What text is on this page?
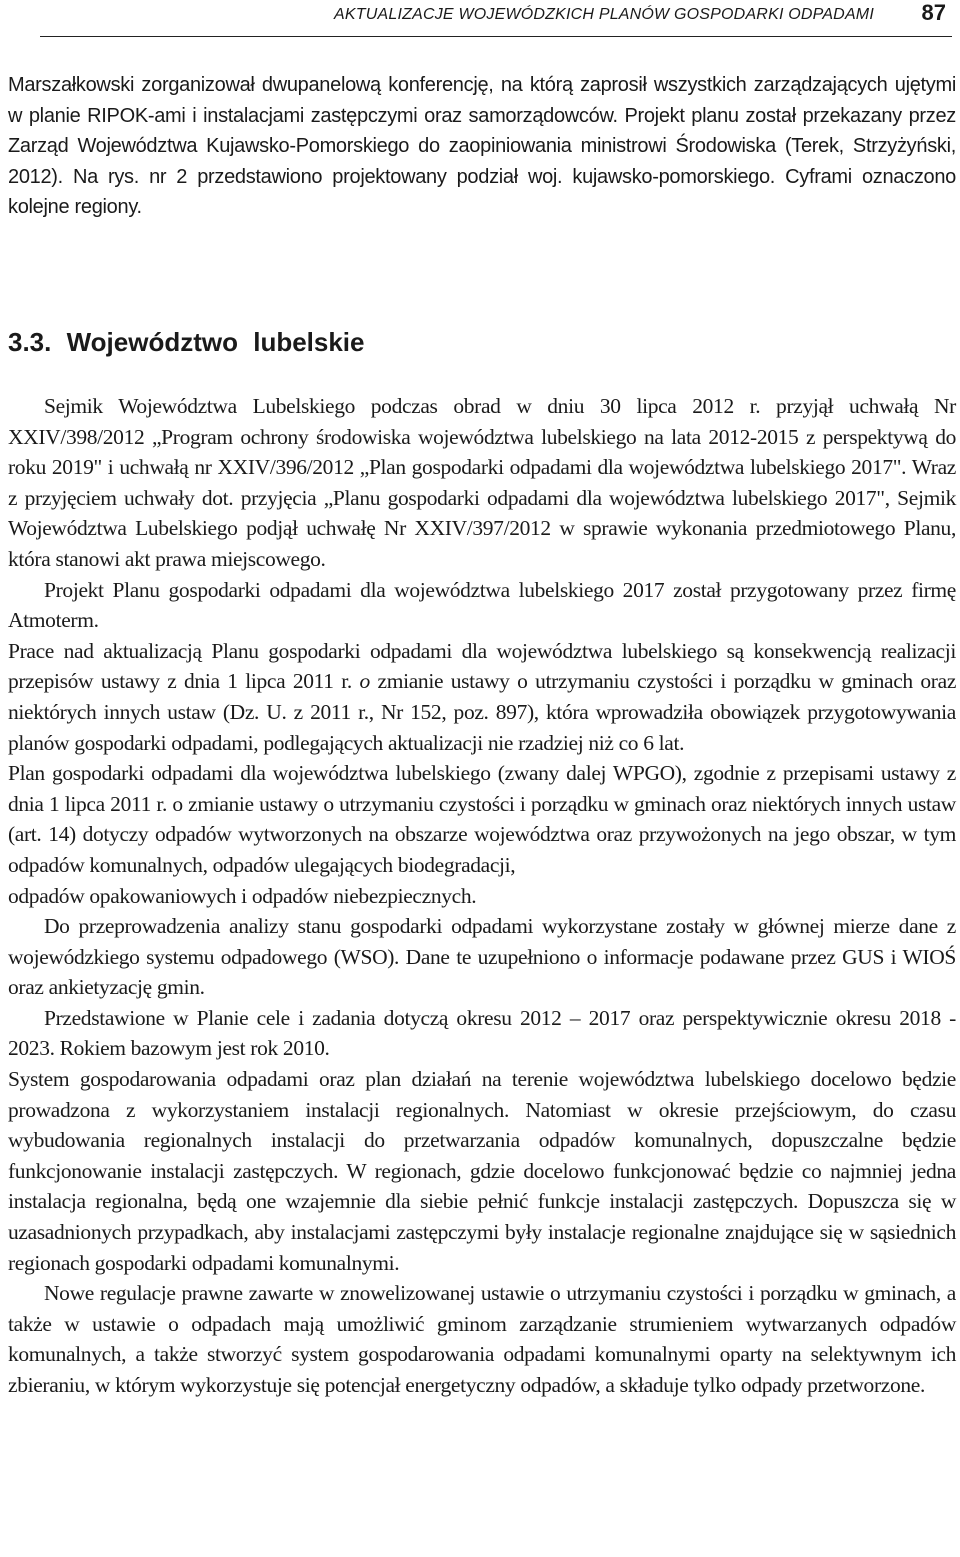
AKTUALIZACJE WOJEWÓDZKICH PLANÓW GOSPODARKI ODPADAMI 87

Marszałkowski zorganizował dwupanelową konferencję, na którą zaprosił wszystkich zarządzających ujętymi w planie RIPOK-ami i instalacjami zastępczymi oraz samorządowców. Projekt planu został przekazany przez Zarząd Województwa Kujawsko-Pomorskiego do zaopiniowania ministrowi Środowiska (Terek, Strzyżyński, 2012). Na rys. nr 2 przedstawiono projektowany podział woj. kujawsko-pomorskiego. Cyframi oznaczono kolejne regiony.

3.3. Województwo lubelskie

Sejmik Województwa Lubelskiego podczas obrad w dniu 30 lipca 2012 r. przyjął uchwałą Nr XXIV/398/2012 „Program ochrony środowiska województwa lubelskiego na lata 2012-2015 z perspektywą do roku 2019" i uchwałą nr XXIV/396/2012 „Plan gospodarki odpadami dla województwa lubelskiego 2017". Wraz z przyjęciem uchwały dot. przyjęcia „Planu gospodarki odpadami dla województwa lubelskiego 2017", Sejmik Województwa Lubelskiego podjął uchwałę Nr XXIV/397/2012 w sprawie wykonania przedmiotowego Planu, która stanowi akt prawa miejscowego.

Projekt Planu gospodarki odpadami dla województwa lubelskiego 2017 został przygotowany przez firmę Atmoterm.

Prace nad aktualizacją Planu gospodarki odpadami dla województwa lubelskiego są konsekwencją realizacji przepisów ustawy z dnia 1 lipca 2011 r. o zmianie ustawy o utrzymaniu czystości i porządku w gminach oraz niektórych innych ustaw (Dz. U. z 2011 r., Nr 152, poz. 897), która wprowadziła obowiązek przygotowywania planów gospodarki odpadami, podlegających aktualizacji nie rzadziej niż co 6 lat.

Plan gospodarki odpadami dla województwa lubelskiego (zwany dalej WPGO), zgodnie z przepisami ustawy z dnia 1 lipca 2011 r. o zmianie ustawy o utrzymaniu czystości i porządku w gminach oraz niektórych innych ustaw (art. 14) dotyczy odpadów wytworzonych na obszarze województwa oraz przywożonych na jego obszar, w tym odpadów komunalnych, odpadów ulegających biodegradacji,

odpadów opakowaniowych i odpadów niebezpiecznych.

Do przeprowadzenia analizy stanu gospodarki odpadami wykorzystane zostały w głównej mierze dane z wojewódzkiego systemu odpadowego (WSO). Dane te uzupełniono o informacje podawane przez GUS i WIOŚ oraz ankietyzację gmin.

Przedstawione w Planie cele i zadania dotyczą okresu 2012 – 2017 oraz perspektywicznie okresu 2018 - 2023. Rokiem bazowym jest rok 2010.

System gospodarowania odpadami oraz plan działań na terenie województwa lubelskiego docelowo będzie prowadzona z wykorzystaniem instalacji regionalnych. Natomiast w okresie przejściowym, do czasu wybudowania regionalnych instalacji do przetwarzania odpadów komunalnych, dopuszczalne będzie funkcjonowanie instalacji zastępczych. W regionach, gdzie docelowo funkcjonować będzie co najmniej jedna instalacja regionalna, będą one wzajemnie dla siebie pełnić funkcje instalacji zastępczych. Dopuszcza się w uzasadnionych przypadkach, aby instalacjami zastępczymi były instalacje regionalne znajdujące się w sąsiednich regionach gospodarki odpadami komunalnymi.

Nowe regulacje prawne zawarte w znowelizowanej ustawie o utrzymaniu czystości i porządku w gminach, a także w ustawie o odpadach mają umożliwić gminom zarządzanie strumieniem wytwarzanych odpadów komunalnych, a także stworzyć system gospodarowania odpadami komunalnymi oparty na selektywnym ich zbieraniu, w którym wykorzystuje się potencjał energetyczny odpadów, a składuje tylko odpady przetworzone.
